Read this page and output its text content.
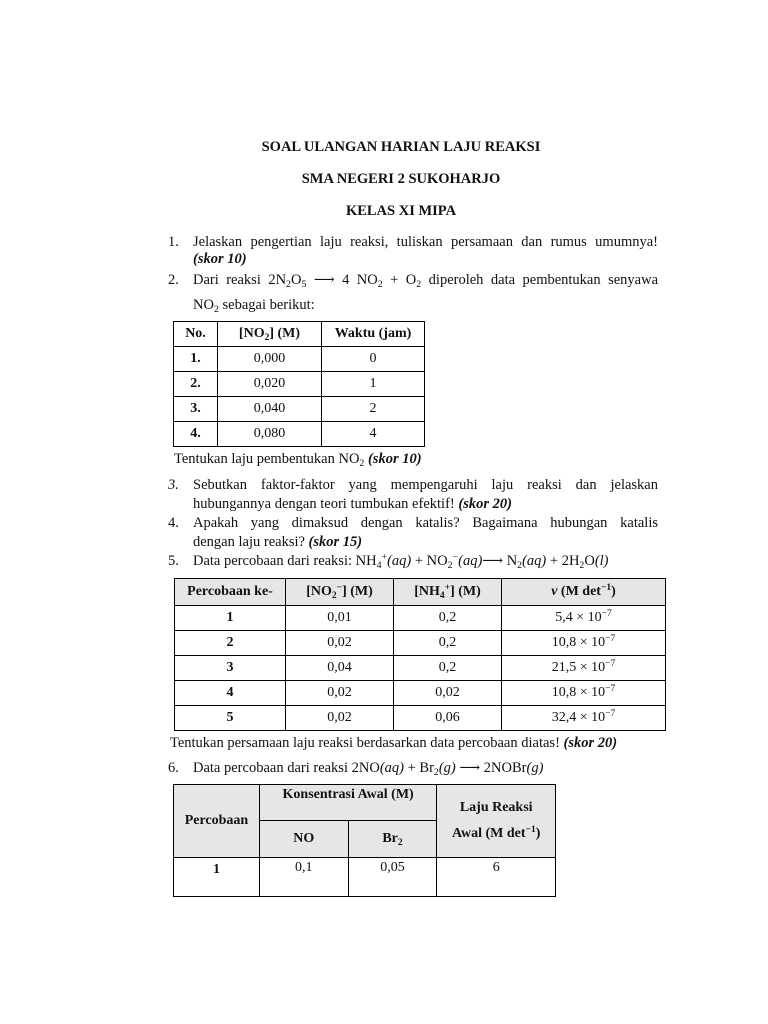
SOAL ULANGAN HARIAN LAJU REAKSI
SMA NEGERI 2 SUKOHARJO
KELAS XI MIPA
1. Jelaskan pengertian laju reaksi, tuliskan persamaan dan rumus umumnya!
(skor 10)
2. Dari reaksi $2N_2O_5$ ⟶ 4 $NO_2 + O_2$ diperoleh data pembentukan senyawa
$NO_2$ sebagai berikut:
No.	$[NO_2]$ (M)	Waktu (jam)
1.	0,000	0
2.	0,020	1
3.	0,040	2
4.	0,080	4
Tentukan laju pembentukan $NO_2$ (skor 10)
3. Sebutkan faktor-faktor yang mempengaruhi laju reaksi dan jelaskan
hubungannya dengan teori tumbukan efektif! (skor 20)
4. Apakah yang dimaksud dengan katalis? Bagaimana hubungan katalis
dengan laju reaksi? (skor 15)
5. Data percobaan dari reaksi: $NH_4^+(aq)$ + $NO_2^-(aq)⟶$ $N_2(aq) + 2H_2O(l)$
Percobaan ke-	$[NO_2^-]$ (M)	$[NH_4^+]$ (M)	v (M $\det^{-1}$)
1	0,01	0,2	$5,4 \times 10^{-7}$
2	0,02	0,2	$10,8 \times 10^{-7}$
3	0,04	0,2	$21,5 \times 10^{-7}$
4	0,02	0,02	$10,8 \times 10^{-7}$
5	0,02	0,06	$32,4 \times 10^{-7}$
Tentukan persamaan laju reaksi berdasarkan data percobaan diatas! (skor 20)
6. Data percobaan dari reaksi $2NO(aq) + Br_2(g)$ ⟶ 2NOBr(g)
Percobaan	Konsentrasi Awal (M)		Laju Reaksi
Awal (M $\det^{-1}$)
	NO	$Br_2$
1	0,1	0,05	6
